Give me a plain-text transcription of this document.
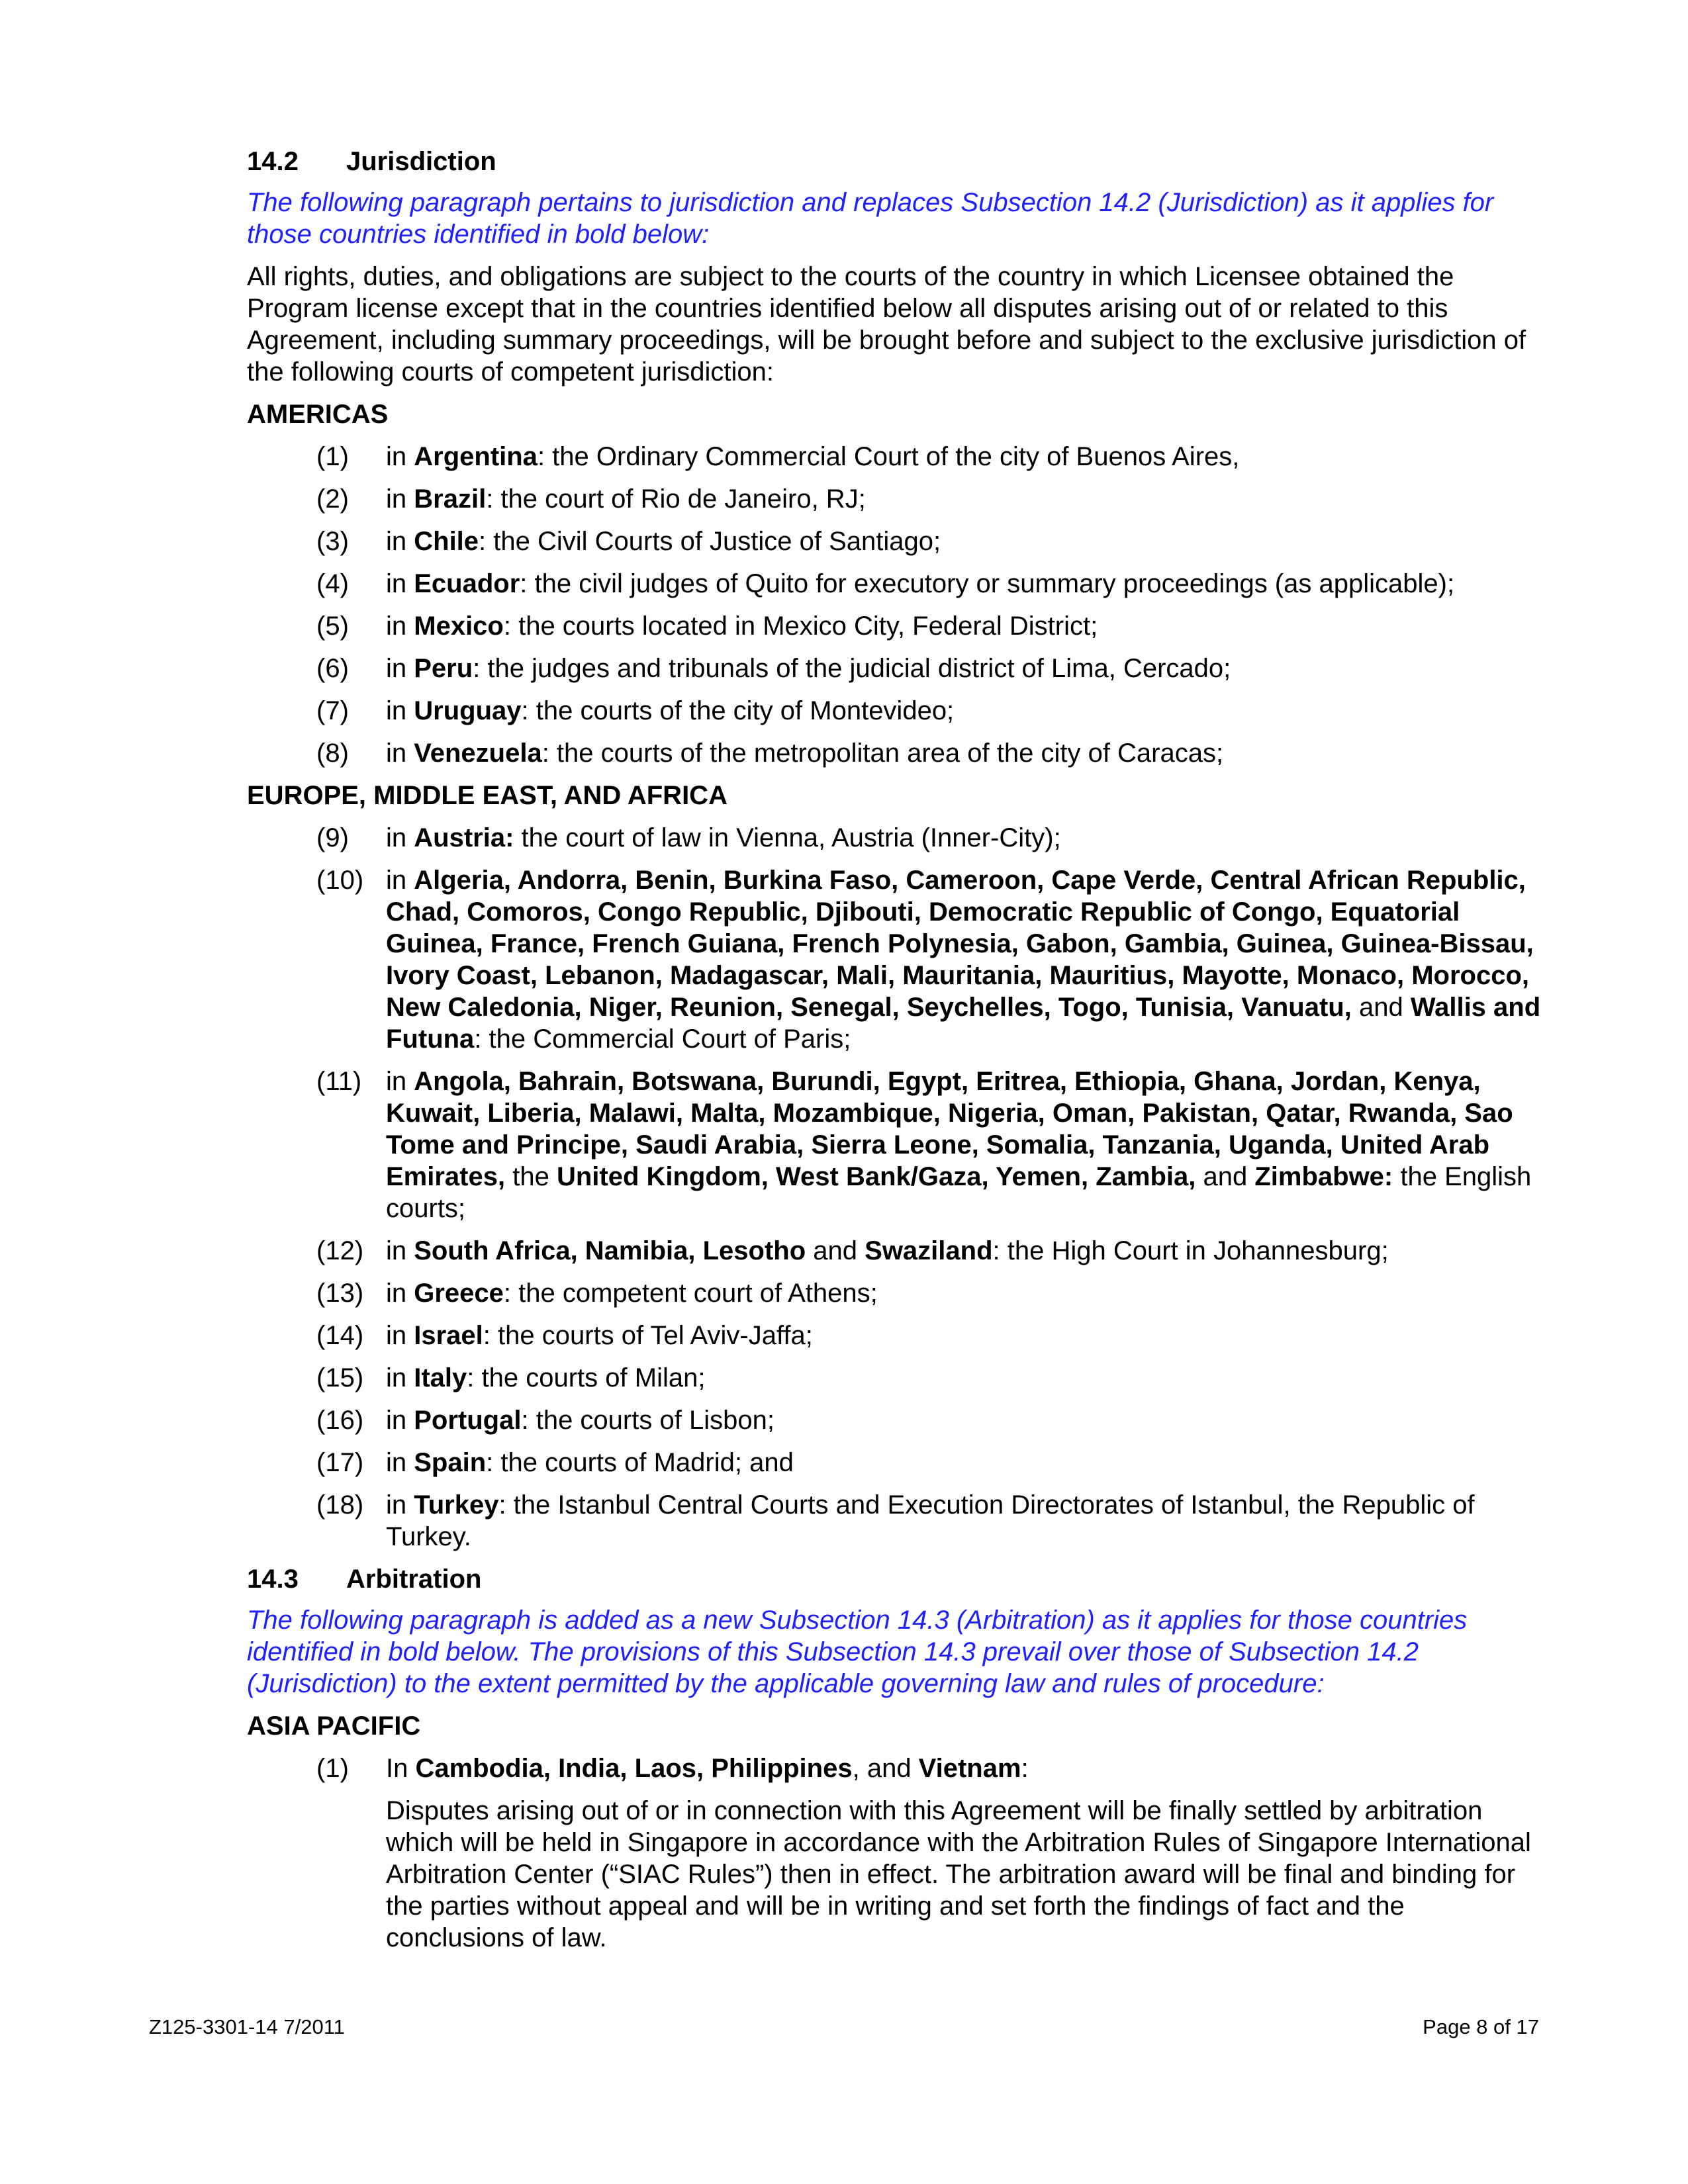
14.2 Jurisdiction
The following paragraph pertains to jurisdiction and replaces Subsection 14.2 (Jurisdiction) as it applies for those countries identified in bold below:
All rights, duties, and obligations are subject to the courts of the country in which Licensee obtained the Program license except that in the countries identified below all disputes arising out of or related to this Agreement, including summary proceedings, will be brought before and subject to the exclusive jurisdiction of the following courts of competent jurisdiction:
AMERICAS
(1) in Argentina: the Ordinary Commercial Court of the city of Buenos Aires,
(2) in Brazil: the court of Rio de Janeiro, RJ;
(3) in Chile: the Civil Courts of Justice of Santiago;
(4) in Ecuador: the civil judges of Quito for executory or summary proceedings (as applicable);
(5) in Mexico: the courts located in Mexico City, Federal District;
(6) in Peru: the judges and tribunals of the judicial district of Lima, Cercado;
(7) in Uruguay: the courts of the city of Montevideo;
(8) in Venezuela: the courts of the metropolitan area of the city of Caracas;
EUROPE, MIDDLE EAST, AND AFRICA
(9) in Austria: the court of law in Vienna, Austria (Inner-City);
(10) in Algeria, Andorra, Benin, Burkina Faso, Cameroon, Cape Verde, Central African Republic, Chad, Comoros, Congo Republic, Djibouti, Democratic Republic of Congo, Equatorial Guinea, France, French Guiana, French Polynesia, Gabon, Gambia, Guinea, Guinea-Bissau, Ivory Coast, Lebanon, Madagascar, Mali, Mauritania, Mauritius, Mayotte, Monaco, Morocco, New Caledonia, Niger, Reunion, Senegal, Seychelles, Togo, Tunisia, Vanuatu, and Wallis and Futuna: the Commercial Court of Paris;
(11) in Angola, Bahrain, Botswana, Burundi, Egypt, Eritrea, Ethiopia, Ghana, Jordan, Kenya, Kuwait, Liberia, Malawi, Malta, Mozambique, Nigeria, Oman, Pakistan, Qatar, Rwanda, Sao Tome and Principe, Saudi Arabia, Sierra Leone, Somalia, Tanzania, Uganda, United Arab Emirates, the United Kingdom, West Bank/Gaza, Yemen, Zambia, and Zimbabwe: the English courts;
(12) in South Africa, Namibia, Lesotho and Swaziland: the High Court in Johannesburg;
(13) in Greece: the competent court of Athens;
(14) in Israel: the courts of Tel Aviv-Jaffa;
(15) in Italy: the courts of Milan;
(16) in Portugal: the courts of Lisbon;
(17) in Spain: the courts of Madrid; and
(18) in Turkey: the Istanbul Central Courts and Execution Directorates of Istanbul, the Republic of Turkey.
14.3 Arbitration
The following paragraph is added as a new Subsection 14.3 (Arbitration) as it applies for those countries identified in bold below. The provisions of this Subsection 14.3 prevail over those of Subsection 14.2 (Jurisdiction) to the extent permitted by the applicable governing law and rules of procedure:
ASIA PACIFIC
(1) In Cambodia, India, Laos, Philippines, and Vietnam:
Disputes arising out of or in connection with this Agreement will be finally settled by arbitration which will be held in Singapore in accordance with the Arbitration Rules of Singapore International Arbitration Center (“SIAC Rules”) then in effect. The arbitration award will be final and binding for the parties without appeal and will be in writing and set forth the findings of fact and the conclusions of law.
Z125-3301-14 7/2011	Page 8 of 17
